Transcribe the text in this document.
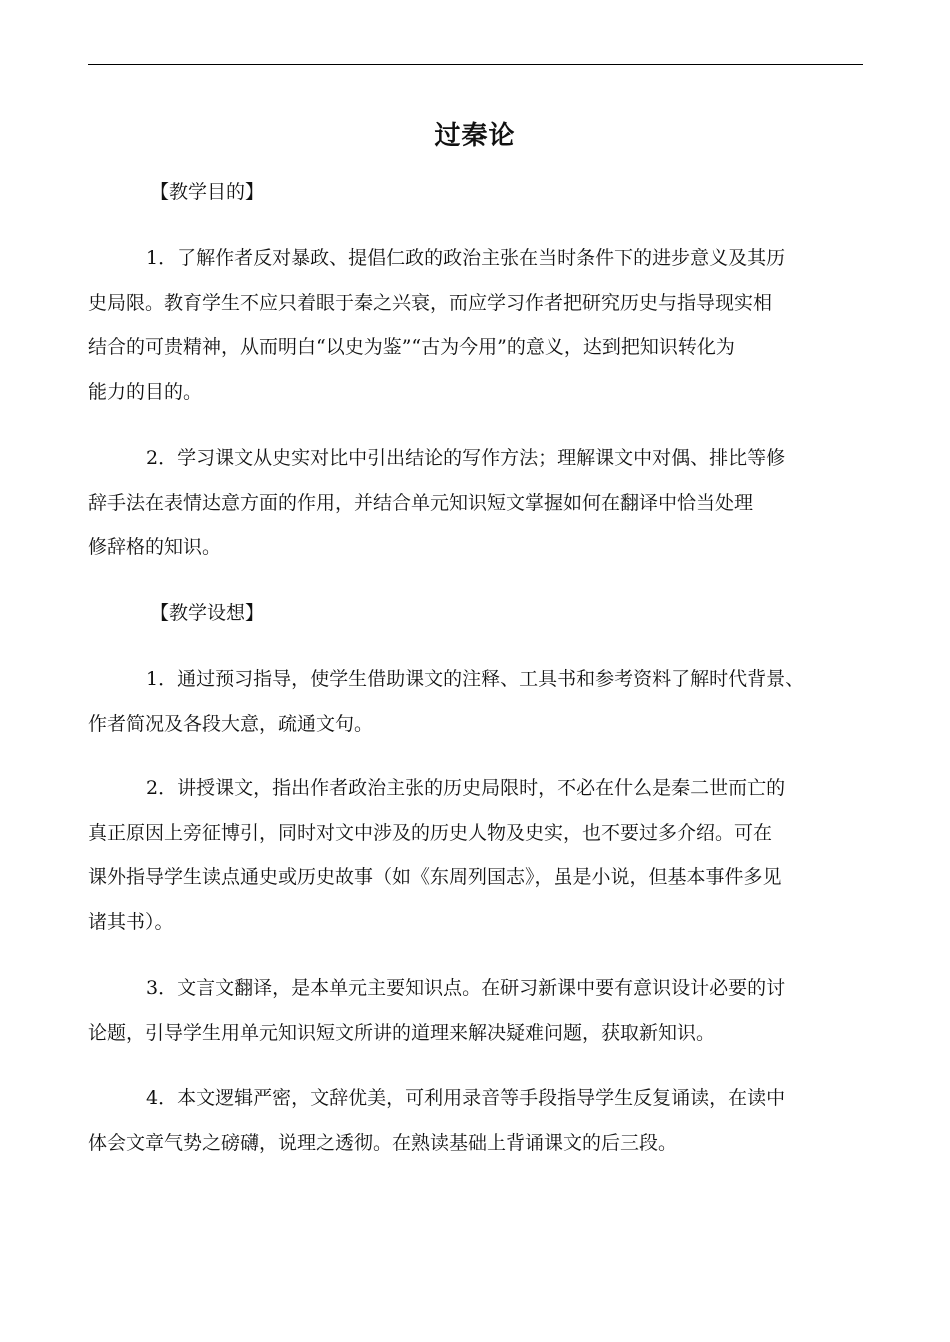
过秦论
【教学目的】
1．了解作者反对暴政、提倡仁政的政治主张在当时条件下的进步意义及其历
史局限。教育学生不应只着眼于秦之兴衰，而应学习作者把研究历史与指导现实相
结合的可贵精神，从而明白“以史为鉴”“古为今用”的意义，达到把知识转化为
能力的目的。
2．学习课文从史实对比中引出结论的写作方法；理解课文中对偶、排比等修
辞手法在表情达意方面的作用，并结合单元知识短文掌握如何在翻译中恰当处理
修辞格的知识。
【教学设想】
1．通过预习指导，使学生借助课文的注释、工具书和参考资料了解时代背景、
作者简况及各段大意，疏通文句。
2．讲授课文，指出作者政治主张的历史局限时，不必在什么是秦二世而亡的
真正原因上旁征博引，同时对文中涉及的历史人物及史实，也不要过多介绍。可在
课外指导学生读点通史或历史故事（如《东周列国志》，虽是小说，但基本事件多见
诸其书）。
3．文言文翻译，是本单元主要知识点。在研习新课中要有意识设计必要的讨
论题，引导学生用单元知识短文所讲的道理来解决疑难问题，获取新知识。
4．本文逻辑严密，文辞优美，可利用录音等手段指导学生反复诵读，在读中
体会文章气势之磅礴，说理之透彻。在熟读基础上背诵课文的后三段。
